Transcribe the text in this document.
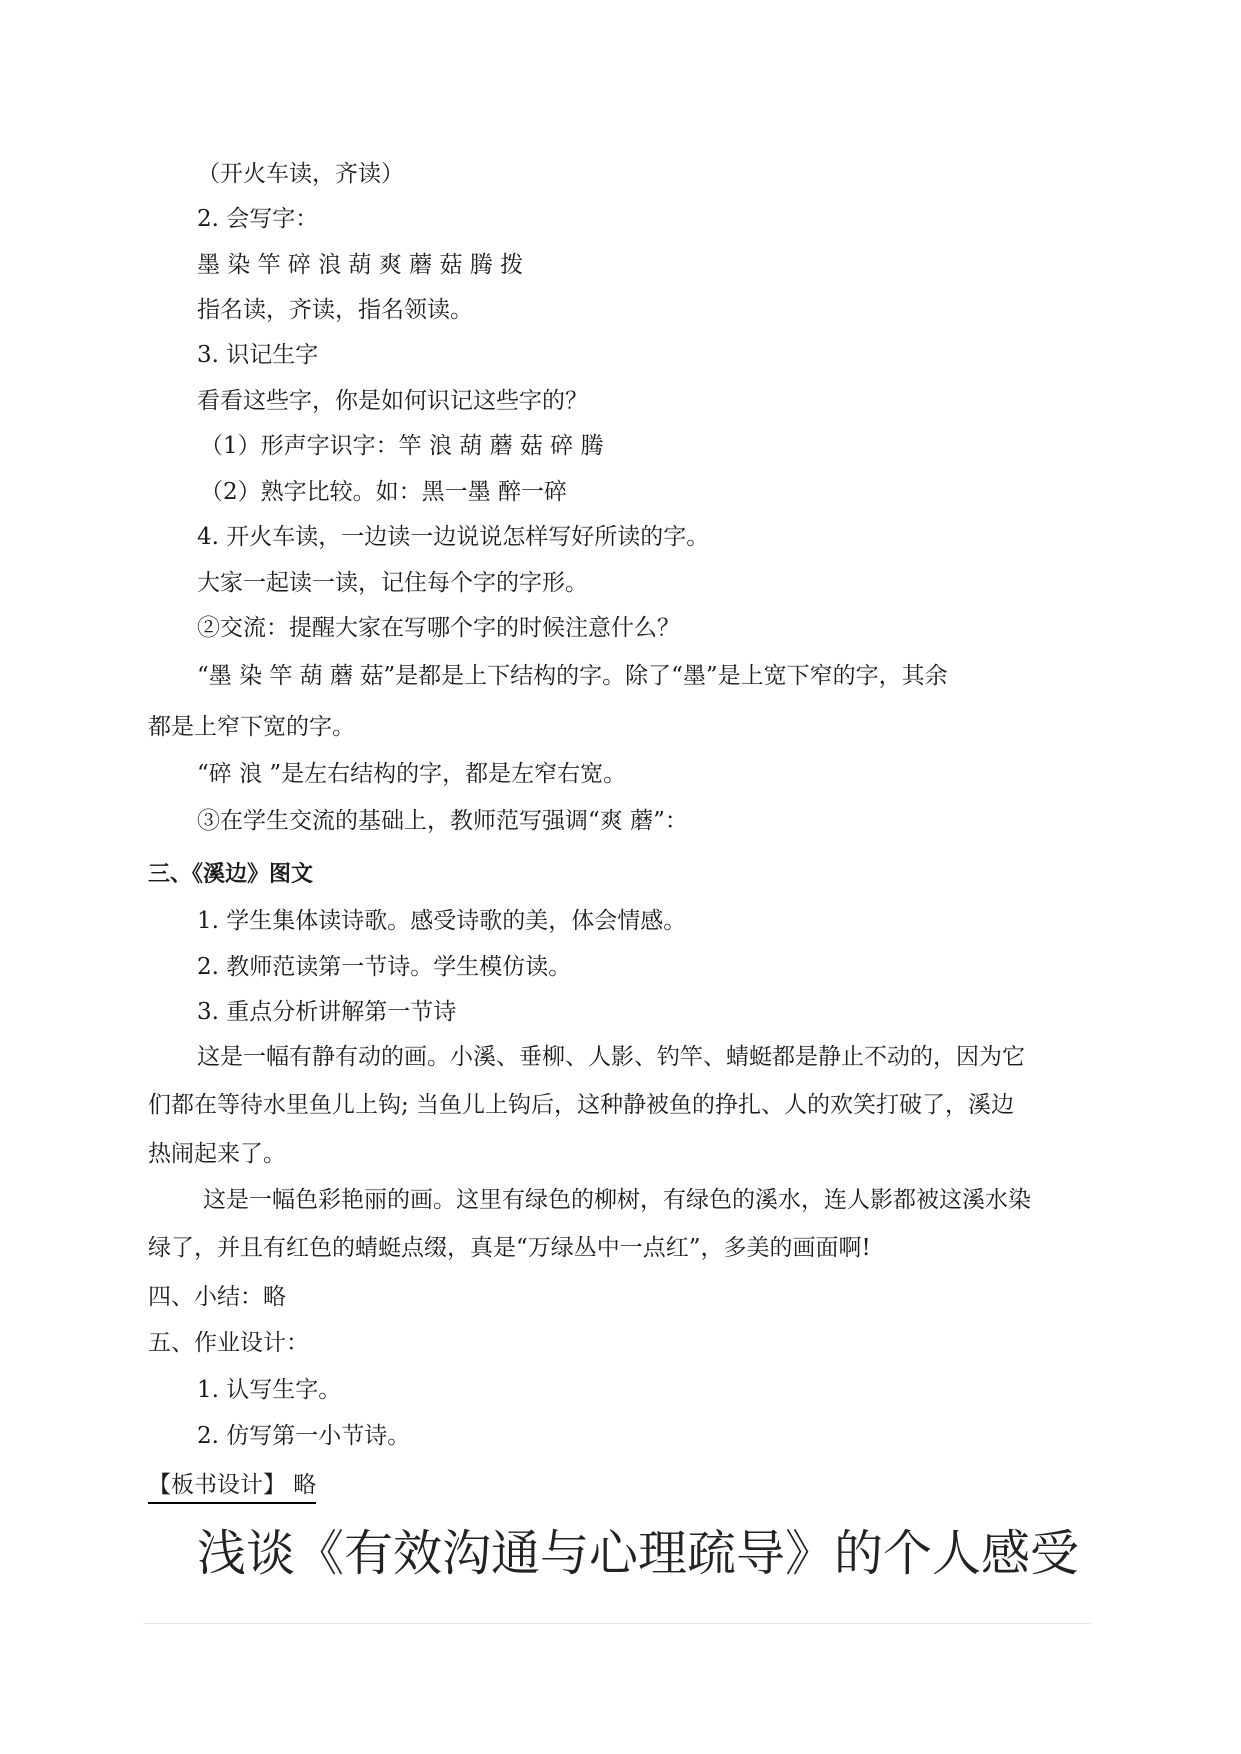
（开火车读，齐读）
2. 会写字：
墨 染 竿 碎 浪 葫 爽 蘑 菇 腾 拨
指名读，齐读，指名领读。
3. 识记生字
看看这些字，你是如何识记这些字的？
（1）形声字识字：竿 浪 葫 蘑 菇 碎 腾
（2）熟字比较。如：黑一墨 醉一碎
4. 开火车读，一边读一边说说怎样写好所读的字。
大家一起读一读，记住每个字的字形。
②交流：提醒大家在写哪个字的时候注意什么？
“墨 染 竿 葫 蘑 菇”是都是上下结构的字。除了“墨”是上宽下窄的字，其余
都是上窄下宽的字。
“碎 浪 ”是左右结构的字，都是左窄右宽。
③在学生交流的基础上，教师范写强调“爽 蘑”：
三、《溪边》图文
1. 学生集体读诗歌。感受诗歌的美，体会情感。
2. 教师范读第一节诗。学生模仿读。
3. 重点分析讲解第一节诗
这是一幅有静有动的画。小溪、垂柳、人影、钓竿、蜻蜓都是静止不动的，因为它
们都在等待水里鱼儿上钩; 当鱼儿上钩后，这种静被鱼的挣扎、人的欢笑打破了，溪边
热闹起来了。
这是一幅色彩艳丽的画。这里有绿色的柳树，有绿色的溪水，连人影都被这溪水染
绿了，并且有红色的蜻蜓点缀，真是“万绿丛中一点红”，多美的画面啊!
四、小结：略
五、作业设计：
1. 认写生字。
2. 仿写第一小节诗。
【板书设计】 略
浅谈《有效沟通与心理疏导》的个人感受
